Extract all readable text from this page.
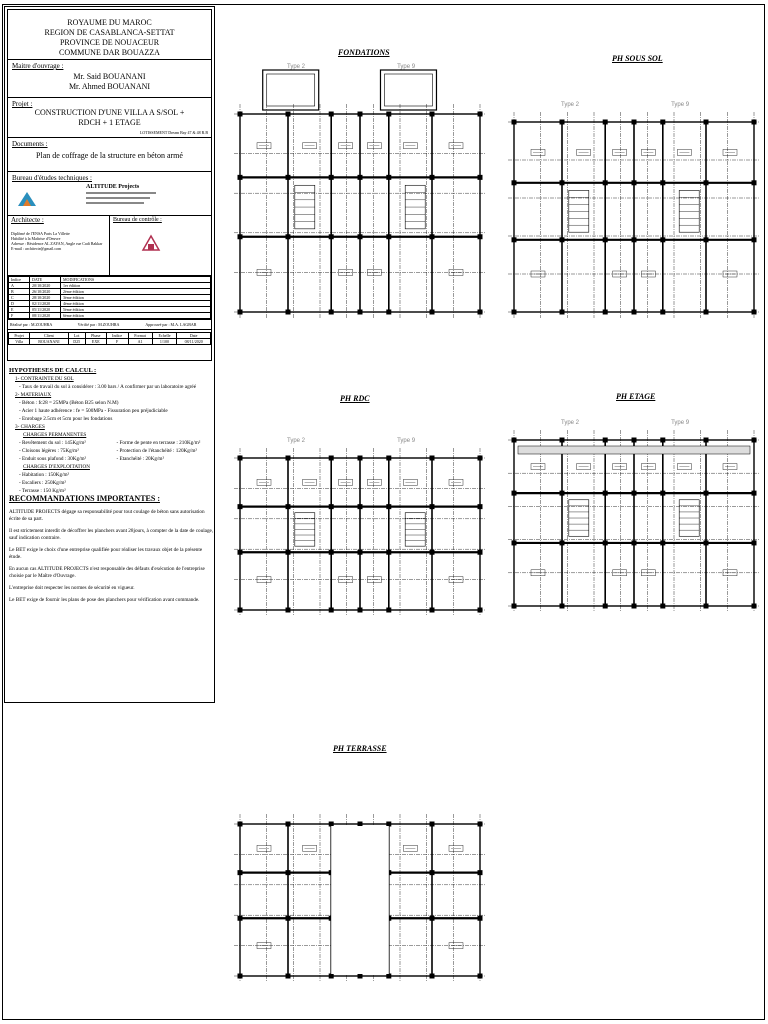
ROYAUME DU MAROC
REGION DE CASABLANCA-SETTAT
PROVINCE DE NOUACEUR
COMMUNE DAR BOUAZZA
Maitre d'ouvrage :
Mr. Said BOUANANI
Mr. Ahmed BOUANANI
Projet :
CONSTRUCTION D'UNE VILLA A S/SOL +
RDCH + 1 ETAGE
LOTISSEMENT Dream Bay 47 & 48 R.B
Documents :
Plan de coffrage de la structure en béton armé
Bureau d'études techniques :
ALTITUDE Projects
Architecte :
Diplômé de l'ENSA Paris La Villette
Habilité à la Maîtrise d'Oeuvre
Adresse : Résidence AL ZAYAN, Angle rue Cadi Bakkar
E-mail : architecte@gmail.com
Bureau de contrôle :
Indice	DATE	MODIFICATIONS
A	20/10/2020	1er édition
B	26/10/2020	2ème édition
C	28/10/2020	3ème édition
D	02/11/2020	4ème édition
E	05/11/2020	5ème édition
F	08/11/2020	6ème édition
Réalisé par : M.ZOUHRA	Vérifié par : M.ZOUHRA	Approuvé par : M.A. LAGBAR
Projet	Client	Lot	Phase	Indice	Format	Echelle	Date
Villa	BOUANANI	D25	EXE	F	A1	1/100	08/11/2020
HYPOTHESES DE CALCUL :
1- CONTRAINTE DU SOL
- Taux de travail du sol à considérer : 3.00 bars / A confirmer par un laboratoire agréé
2- MATERIAUX
- Béton : fc28 = 25MPa (Béton B25 selon N.M)
- Acier 1 haute adhérence : fe = 500MPa - Fissuration peu préjudiciable
- Enrobage 2.5cm et 5cm pour les fondations
3- CHARGES
CHARGES PERMANENTES
- Revêtement du sol : 145Kg/m²
- Cloisons légères : 75Kg/m²
- Enduit sous plafond : 30Kg/m²
- Forme de pente en terrasse : 210Kg/m²
- Protection de l'étanchéité : 120Kg/m²
- Etanchéité : 20Kg/m²
CHARGES D'EXPLOITATION
- Habitation : 150Kg/m²
- Escaliers : 250Kg/m²
- Terrasse : 150 Kg/m²
RECOMMANDATIONS IMPORTANTES :

ALTITUDE PROJECTS dégage sa responsabilité pour tout coulage de béton sans autorisation écrite de sa part.

Il est strictement interdit de décoffrer les planchers avant 28jours, à compter de la date de coulage, sauf indication contraire.

Le BET exige le choix d'une entreprise qualifiée pour réaliser les travaux objet de la présente étude.

En aucun cas ALTITUDE PROJECTS n'est responsable des défauts d'exécution de l'entreprise choisie par le Maître d'Ouvrage.

L'entreprise doit respecter les normes de sécurité en vigueur.

Le BET exige de fournir les plans de pose des planchers pour vérification avant commande.

FONDATIONS
PH SOUS SOL
PH RDC	PH ETAGE
PH TERRASSE
Type 2	Type 9
Type 2	Type 9
Type 2	Type 9
Type 2	Type 9
